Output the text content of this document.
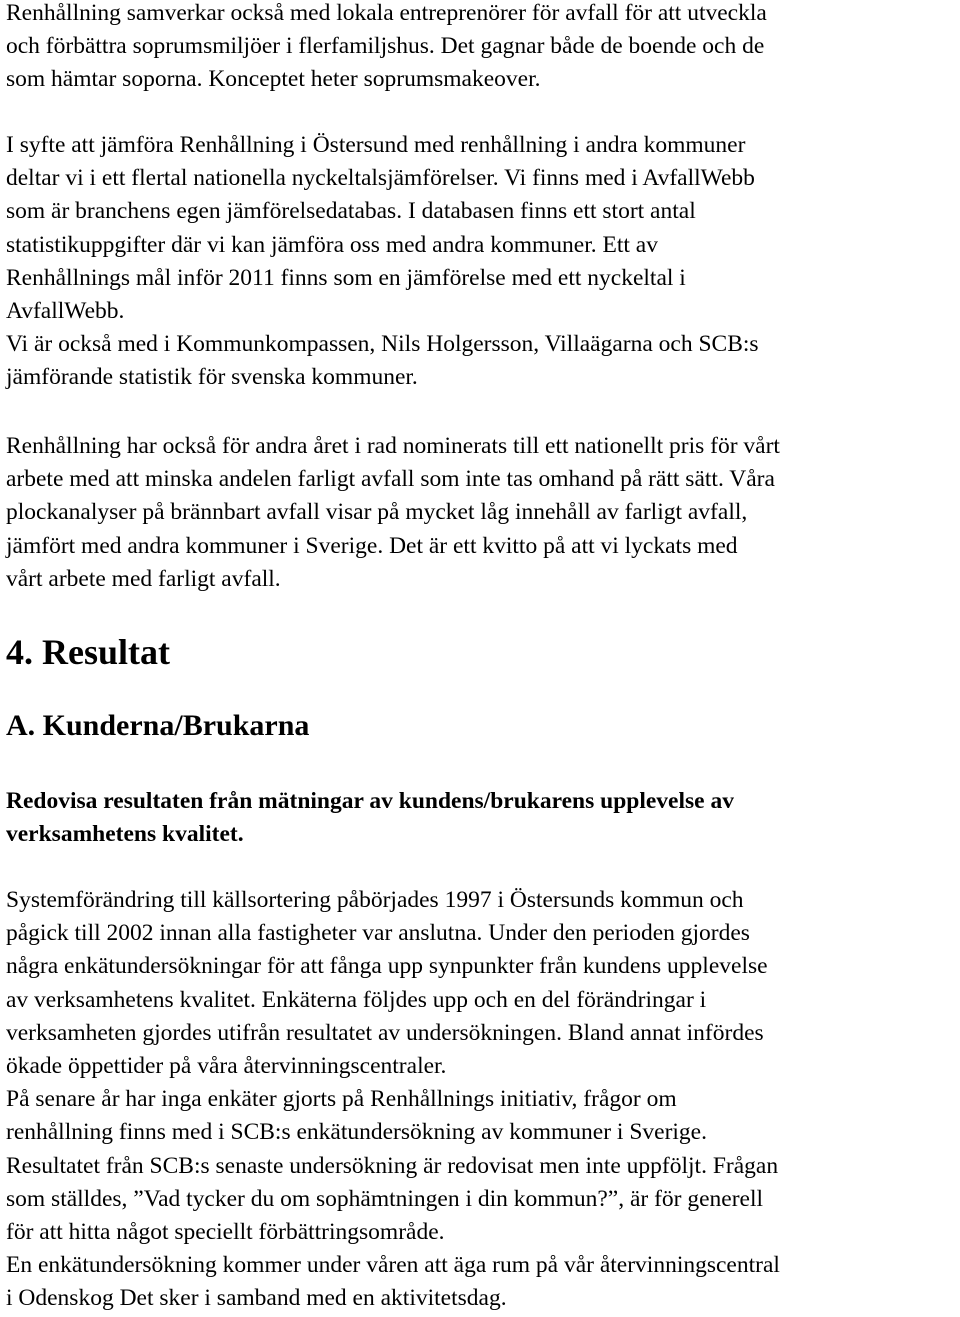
Renhållning samverkar också med lokala entreprenörer för avfall för att utveckla
och förbättra soprumsmiljöer i flerfamiljshus. Det gagnar både de boende och de
som hämtar soporna. Konceptet heter soprumsmakeover.

I syfte att jämföra Renhållning i Östersund med renhållning i andra kommuner
deltar vi i ett flertal nationella nyckeltalsjämförelser. Vi finns med i AvfallWebb
som är branchens egen jämförelsedatabas. I databasen finns ett stort antal
statistikuppgifter där vi kan jämföra oss med andra kommuner. Ett av
Renhållnings mål inför 2011 finns som en jämförelse med ett nyckeltal i
AvfallWebb.
Vi är också med i Kommunkompassen, Nils Holgersson, Villaägarna och SCB:s
jämförande statistik för svenska kommuner.

Renhållning har också för andra året i rad nominerats till ett nationellt pris för vårt
arbete med att minska andelen farligt avfall som inte tas omhand på rätt sätt. Våra
plockanalyser på brännbart avfall visar på mycket låg innehåll av farligt avfall,
jämfört med andra kommuner i Sverige. Det är ett kvitto på att vi lyckats med
vårt arbete med farligt avfall.

4. Resultat
A. Kunderna/Brukarna

Redovisa resultaten från mätningar av kundens/brukarens upplevelse av
verksamhetens kvalitet.

Systemförändring till källsortering påbörjades 1997 i Östersunds kommun och
pågick till 2002 innan alla fastigheter var anslutna. Under den perioden gjordes
några enkätundersökningar för att fånga upp synpunkter från kundens upplevelse
av verksamhetens kvalitet. Enkäterna följdes upp och en del förändringar i
verksamheten gjordes utifrån resultatet av undersökningen. Bland annat infördes
ökade öppettider på våra återvinningscentraler.
På senare år har inga enkäter gjorts på Renhållnings initiativ, frågor om
renhållning finns med i SCB:s enkätundersökning av kommuner i Sverige.
Resultatet från SCB:s senaste undersökning är redovisat men inte uppföljt. Frågan
som ställdes, ”Vad tycker du om sophämtningen i din kommun?”, är för generell
för att hitta något speciellt förbättringsområde.
En enkätundersökning kommer under våren att äga rum på vår återvinningscentral
i Odenskog Det sker i samband med en aktivitetsdag.
